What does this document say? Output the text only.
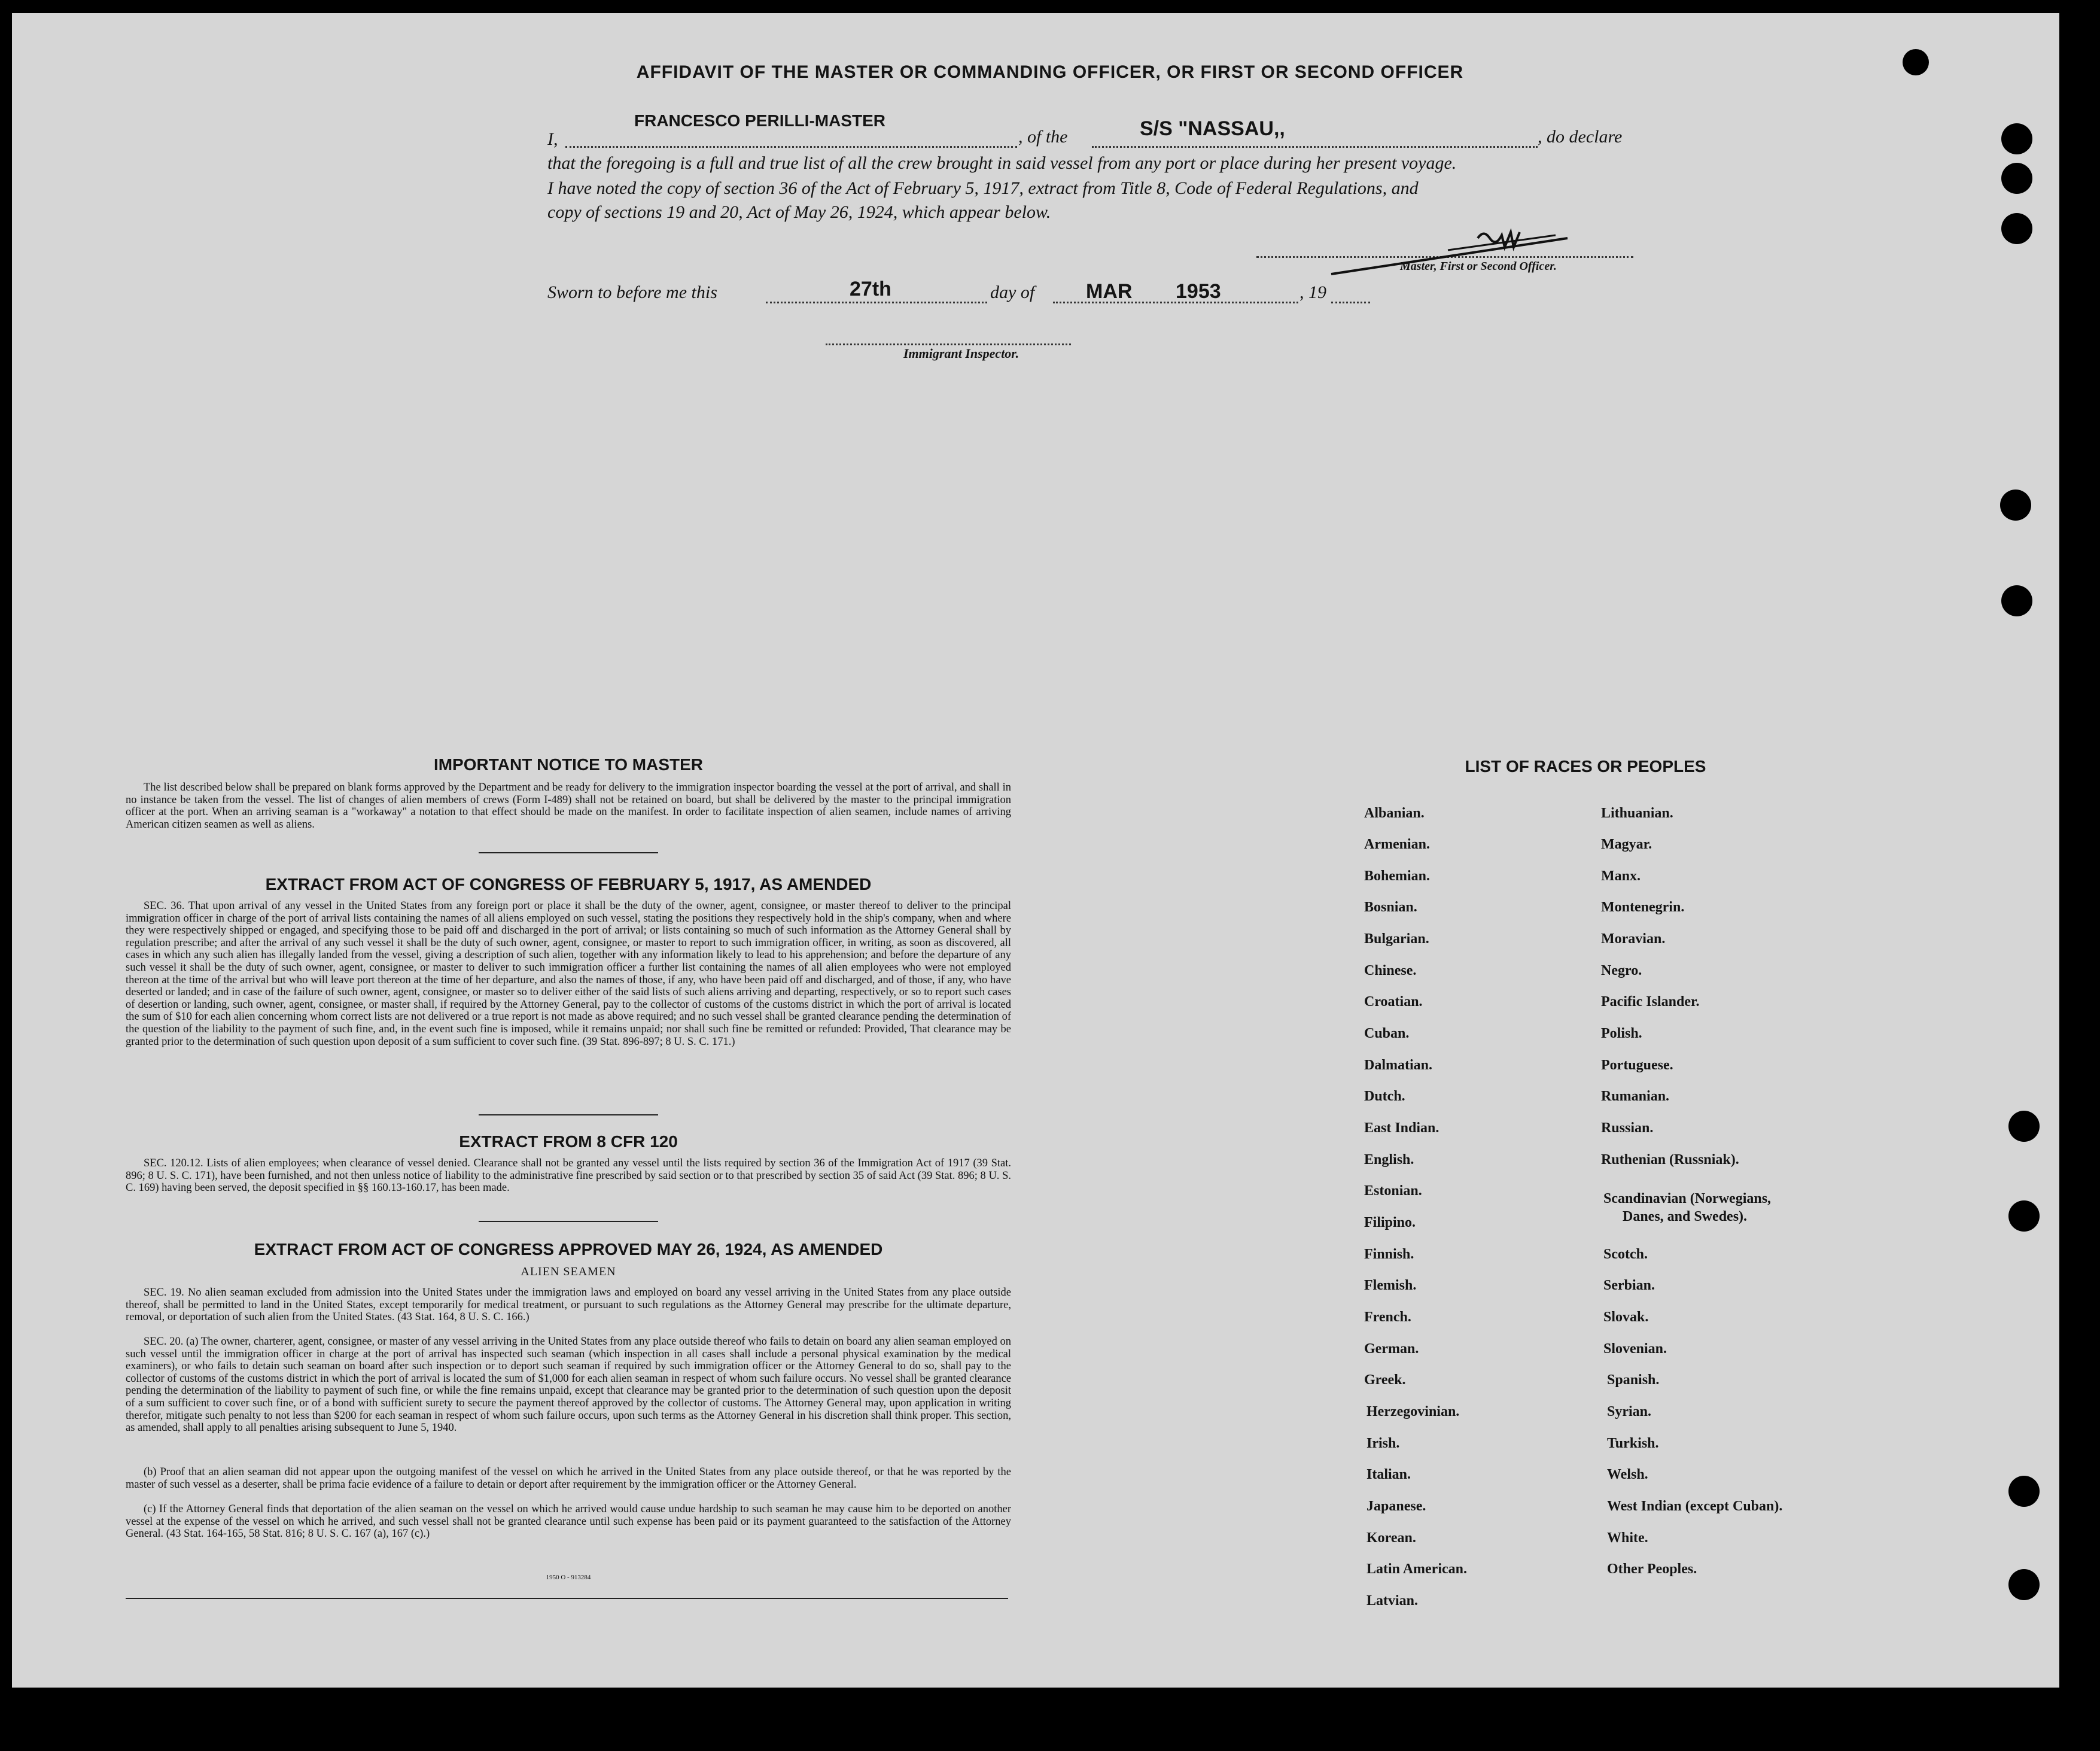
AFFIDAVIT OF THE MASTER OR COMMANDING OFFICER, OR FIRST OR SECOND OFFICER
I,
FRANCESCO PERILLI-MASTER
, of the	S/S "NASSAU,,	, do declare
that the foregoing is a full and true list of all the crew brought in said vessel from any port or place during her present voyage.
I have noted the copy of section 36 of the Act of February 5, 1917, extract from Title 8, Code of Federal Regulations, and
copy of sections 19 and 20, Act of May 26, 1924, which appear below.
Master, First or Second Officer.
Sworn to before me this	27th	day of	MAR 1953	, 19
Immigrant Inspector.
IMPORTANT NOTICE TO MASTER
The list described below shall be prepared on blank forms approved by the Department and be ready for delivery to the immigration inspector boarding the vessel at the port of arrival, and shall in no instance be taken from the vessel. The list of changes of alien members of crews (Form I-489) shall not be retained on board, but shall be delivered by the master to the principal immigration officer at the port. When an arriving seaman is a "workaway" a notation to that effect should be made on the manifest. In order to facilitate inspection of alien seamen, include names of arriving American citizen seamen as well as aliens.
EXTRACT FROM ACT OF CONGRESS OF FEBRUARY 5, 1917, AS AMENDED
SEC. 36. That upon arrival of any vessel in the United States from any foreign port or place it shall be the duty of the owner, agent, consignee, or master thereof to deliver to the principal immigration officer in charge of the port of arrival lists containing the names of all aliens employed on such vessel, stating the positions they respectively hold in the ship's company, when and where they were respectively shipped or engaged, and specifying those to be paid off and discharged in the port of arrival; or lists containing so much of such information as the Attorney General shall by regulation prescribe; and after the arrival of any such vessel it shall be the duty of such owner, agent, consignee, or master to report to such immigration officer, in writing, as soon as discovered, all cases in which any such alien has illegally landed from the vessel, giving a description of such alien, together with any information likely to lead to his apprehension; and before the departure of any such vessel it shall be the duty of such owner, agent, consignee, or master to deliver to such immigration officer a further list containing the names of all alien employees who were not employed thereon at the time of the arrival but who will leave port thereon at the time of her departure, and also the names of those, if any, who have been paid off and discharged, and of those, if any, who have deserted or landed; and in case of the failure of such owner, agent, consignee, or master so to deliver either of the said lists of such aliens arriving and departing, respectively, or so to report such cases of desertion or landing, such owner, agent, consignee, or master shall, if required by the Attorney General, pay to the collector of customs of the customs district in which the port of arrival is located the sum of $10 for each alien concerning whom correct lists are not delivered or a true report is not made as above required; and no such vessel shall be granted clearance pending the determination of the question of the liability to the payment of such fine, and, in the event such fine is imposed, while it remains unpaid; nor shall such fine be remitted or refunded: Provided, That clearance may be granted prior to the determination of such question upon deposit of a sum sufficient to cover such fine. (39 Stat. 896-897; 8 U. S. C. 171.)
EXTRACT FROM 8 CFR 120
SEC. 120.12. Lists of alien employees; when clearance of vessel denied. Clearance shall not be granted any vessel until the lists required by section 36 of the Immigration Act of 1917 (39 Stat. 896; 8 U. S. C. 171), have been furnished, and not then unless notice of liability to the administrative fine prescribed by said section or to that prescribed by section 35 of said Act (39 Stat. 896; 8 U. S. C. 169) having been served, the deposit specified in §§ 160.13-160.17, has been made.
EXTRACT FROM ACT OF CONGRESS APPROVED MAY 26, 1924, AS AMENDED
ALIEN SEAMEN
SEC. 19. No alien seaman excluded from admission into the United States under the immigration laws and employed on board any vessel arriving in the United States from any place outside thereof, shall be permitted to land in the United States, except temporarily for medical treatment, or pursuant to such regulations as the Attorney General may prescribe for the ultimate departure, removal, or deportation of such alien from the United States. (43 Stat. 164, 8 U. S. C. 166.)
SEC. 20. (a) The owner, charterer, agent, consignee, or master of any vessel arriving in the United States from any place outside thereof who fails to detain on board any alien seaman employed on such vessel until the immigration officer in charge at the port of arrival has inspected such seaman (which inspection in all cases shall include a personal physical examination by the medical examiners), or who fails to detain such seaman on board after such inspection or to deport such seaman if required by such immigration officer or the Attorney General to do so, shall pay to the collector of customs of the customs district in which the port of arrival is located the sum of $1,000 for each alien seaman in respect of whom such failure occurs. No vessel shall be granted clearance pending the determination of the liability to payment of such fine, or while the fine remains unpaid, except that clearance may be granted prior to the determination of such question upon the deposit of a sum sufficient to cover such fine, or of a bond with sufficient surety to secure the payment thereof approved by the collector of customs. The Attorney General may, upon application in writing therefor, mitigate such penalty to not less than $200 for each seaman in respect of whom such failure occurs, upon such terms as the Attorney General in his discretion shall think proper. This section, as amended, shall apply to all penalties arising subsequent to June 5, 1940.
(b) Proof that an alien seaman did not appear upon the outgoing manifest of the vessel on which he arrived in the United States from any place outside thereof, or that he was reported by the master of such vessel as a deserter, shall be prima facie evidence of a failure to detain or deport after requirement by the immigration officer or the Attorney General.
(c) If the Attorney General finds that deportation of the alien seaman on the vessel on which he arrived would cause undue hardship to such seaman he may cause him to be deported on another vessel at the expense of the vessel on which he arrived, and such vessel shall not be granted clearance until such expense has been paid or its payment guaranteed to the satisfaction of the Attorney General. (43 Stat. 164-165, 58 Stat. 816; 8 U. S. C. 167 (a), 167 (c).)
1950 O - 913284
LIST OF RACES OR PEOPLES
Albanian.
Armenian.
Bohemian.
Bosnian.
Bulgarian.
Chinese.
Croatian.
Cuban.
Dalmatian.
Dutch.
East Indian.
English.
Estonian.
Filipino.
Finnish.
Flemish.
French.
German.
Greek.
Herzegovinian.
Irish.
Italian.
Japanese.
Korean.
Latin American.
Latvian.
Lithuanian.
Magyar.
Manx.
Montenegrin.
Moravian.
Negro.
Pacific Islander.
Polish.
Portuguese.
Rumanian.
Russian.
Ruthenian (Russniak).
Scandinavian (Norwegians,
Danes, and Swedes).
Scotch.
Serbian.
Slovak.
Slovenian.
Spanish.
Syrian.
Turkish.
Welsh.
West Indian (except Cuban).
White.
Other Peoples.
